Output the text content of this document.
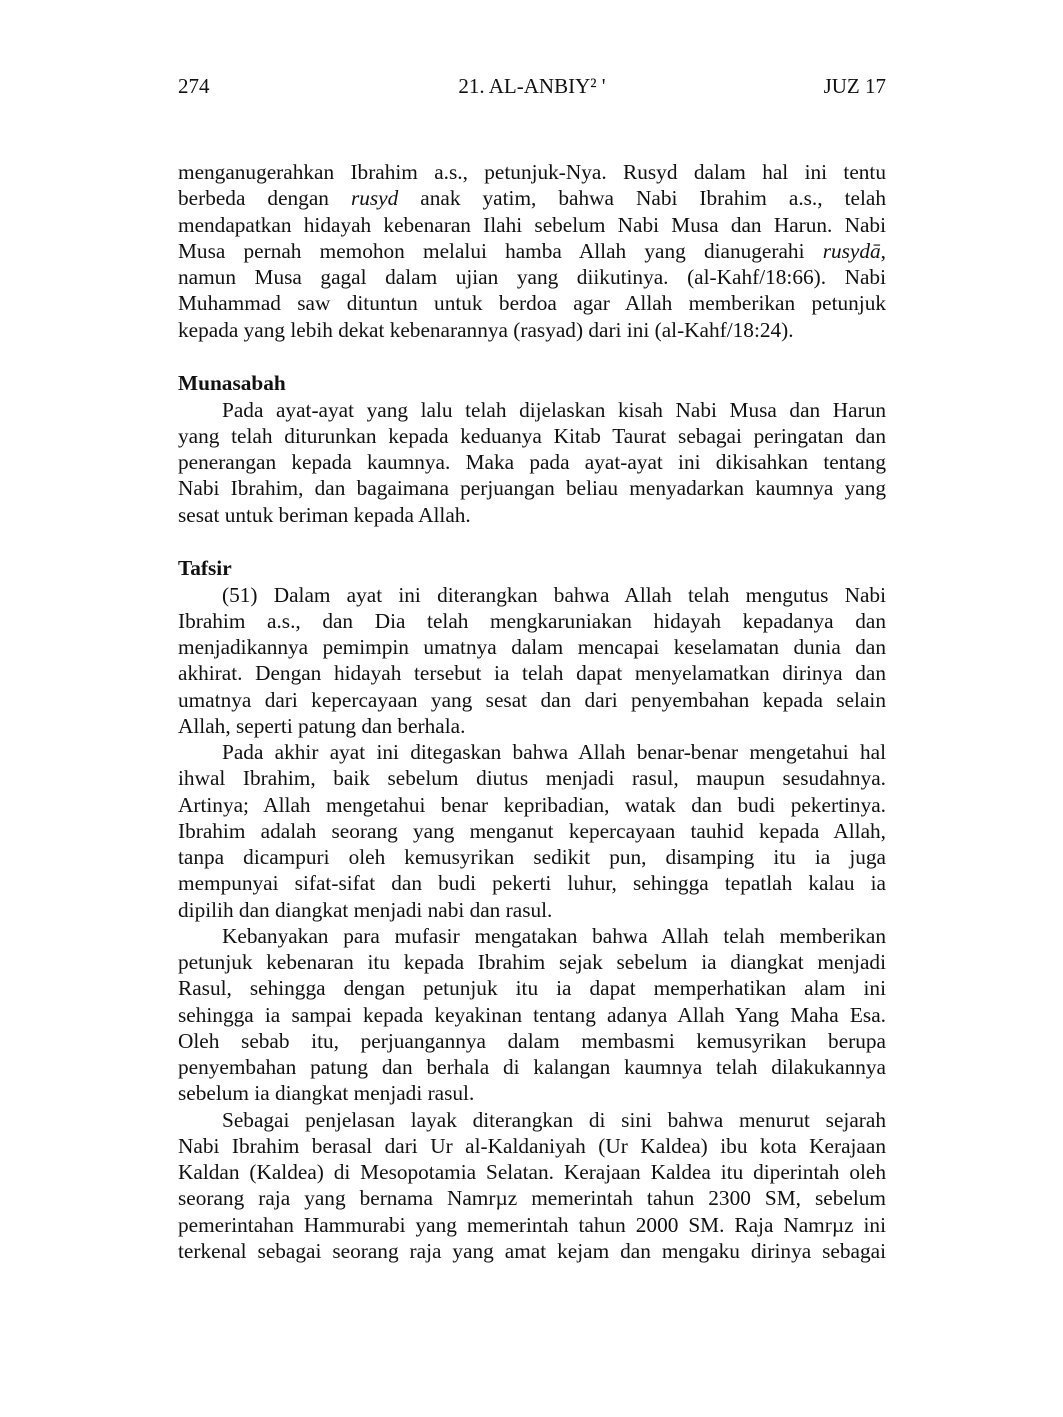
274	21. AL-ANBIY² '	JUZ 17
menganugerahkan Ibrahim a.s., petunjuk-Nya. Rusyd dalam hal ini tentu
berbeda dengan rusyd anak yatim, bahwa Nabi Ibrahim a.s., telah
mendapatkan hidayah kebenaran Ilahi sebelum Nabi Musa dan Harun. Nabi
Musa pernah memohon melalui hamba Allah yang dianugerahi rusydā,
namun Musa gagal dalam ujian yang diikutinya. (al-Kahf/18:66). Nabi
Muhammad saw dituntun untuk berdoa agar Allah memberikan petunjuk
kepada yang lebih dekat kebenarannya (rasyad) dari ini (al-Kahf/18:24).
Munasabah
Pada ayat-ayat yang lalu telah dijelaskan kisah Nabi Musa dan Harun
yang telah diturunkan kepada keduanya Kitab Taurat sebagai peringatan dan
penerangan kepada kaumnya. Maka pada ayat-ayat ini dikisahkan tentang
Nabi Ibrahim, dan bagaimana perjuangan beliau menyadarkan kaumnya yang
sesat untuk beriman kepada Allah.
Tafsir
(51) Dalam ayat ini diterangkan bahwa Allah telah mengutus Nabi
Ibrahim a.s., dan Dia telah mengkaruniakan hidayah kepadanya dan
menjadikannya pemimpin umatnya dalam mencapai keselamatan dunia dan
akhirat. Dengan hidayah tersebut ia telah dapat menyelamatkan dirinya dan
umatnya dari kepercayaan yang sesat dan dari penyembahan kepada selain
Allah, seperti patung dan berhala.
Pada akhir ayat ini ditegaskan bahwa Allah benar-benar mengetahui hal
ihwal Ibrahim, baik sebelum diutus menjadi rasul, maupun sesudahnya.
Artinya; Allah mengetahui benar kepribadian, watak dan budi pekertinya.
Ibrahim adalah seorang yang menganut kepercayaan tauhid kepada Allah,
tanpa dicampuri oleh kemusyrikan sedikit pun, disamping itu ia juga
mempunyai sifat-sifat dan budi pekerti luhur, sehingga tepatlah kalau ia
dipilih dan diangkat menjadi nabi dan rasul.
Kebanyakan para mufasir mengatakan bahwa Allah telah memberikan
petunjuk kebenaran itu kepada Ibrahim sejak sebelum ia diangkat menjadi
Rasul, sehingga dengan petunjuk itu ia dapat memperhatikan alam ini
sehingga ia sampai kepada keyakinan tentang adanya Allah Yang Maha Esa.
Oleh sebab itu, perjuangannya dalam membasmi kemusyrikan berupa
penyembahan patung dan berhala di kalangan kaumnya telah dilakukannya
sebelum ia diangkat menjadi rasul.
Sebagai penjelasan layak diterangkan di sini bahwa menurut sejarah
Nabi Ibrahim berasal dari Ur al-Kaldaniyah (Ur Kaldea) ibu kota Kerajaan
Kaldan (Kaldea) di Mesopotamia Selatan. Kerajaan Kaldea itu diperintah oleh
seorang raja yang bernama Namrµz memerintah tahun 2300 SM, sebelum
pemerintahan Hammurabi yang memerintah tahun 2000 SM. Raja Namrµz ini
terkenal sebagai seorang raja yang amat kejam dan mengaku dirinya sebagai
